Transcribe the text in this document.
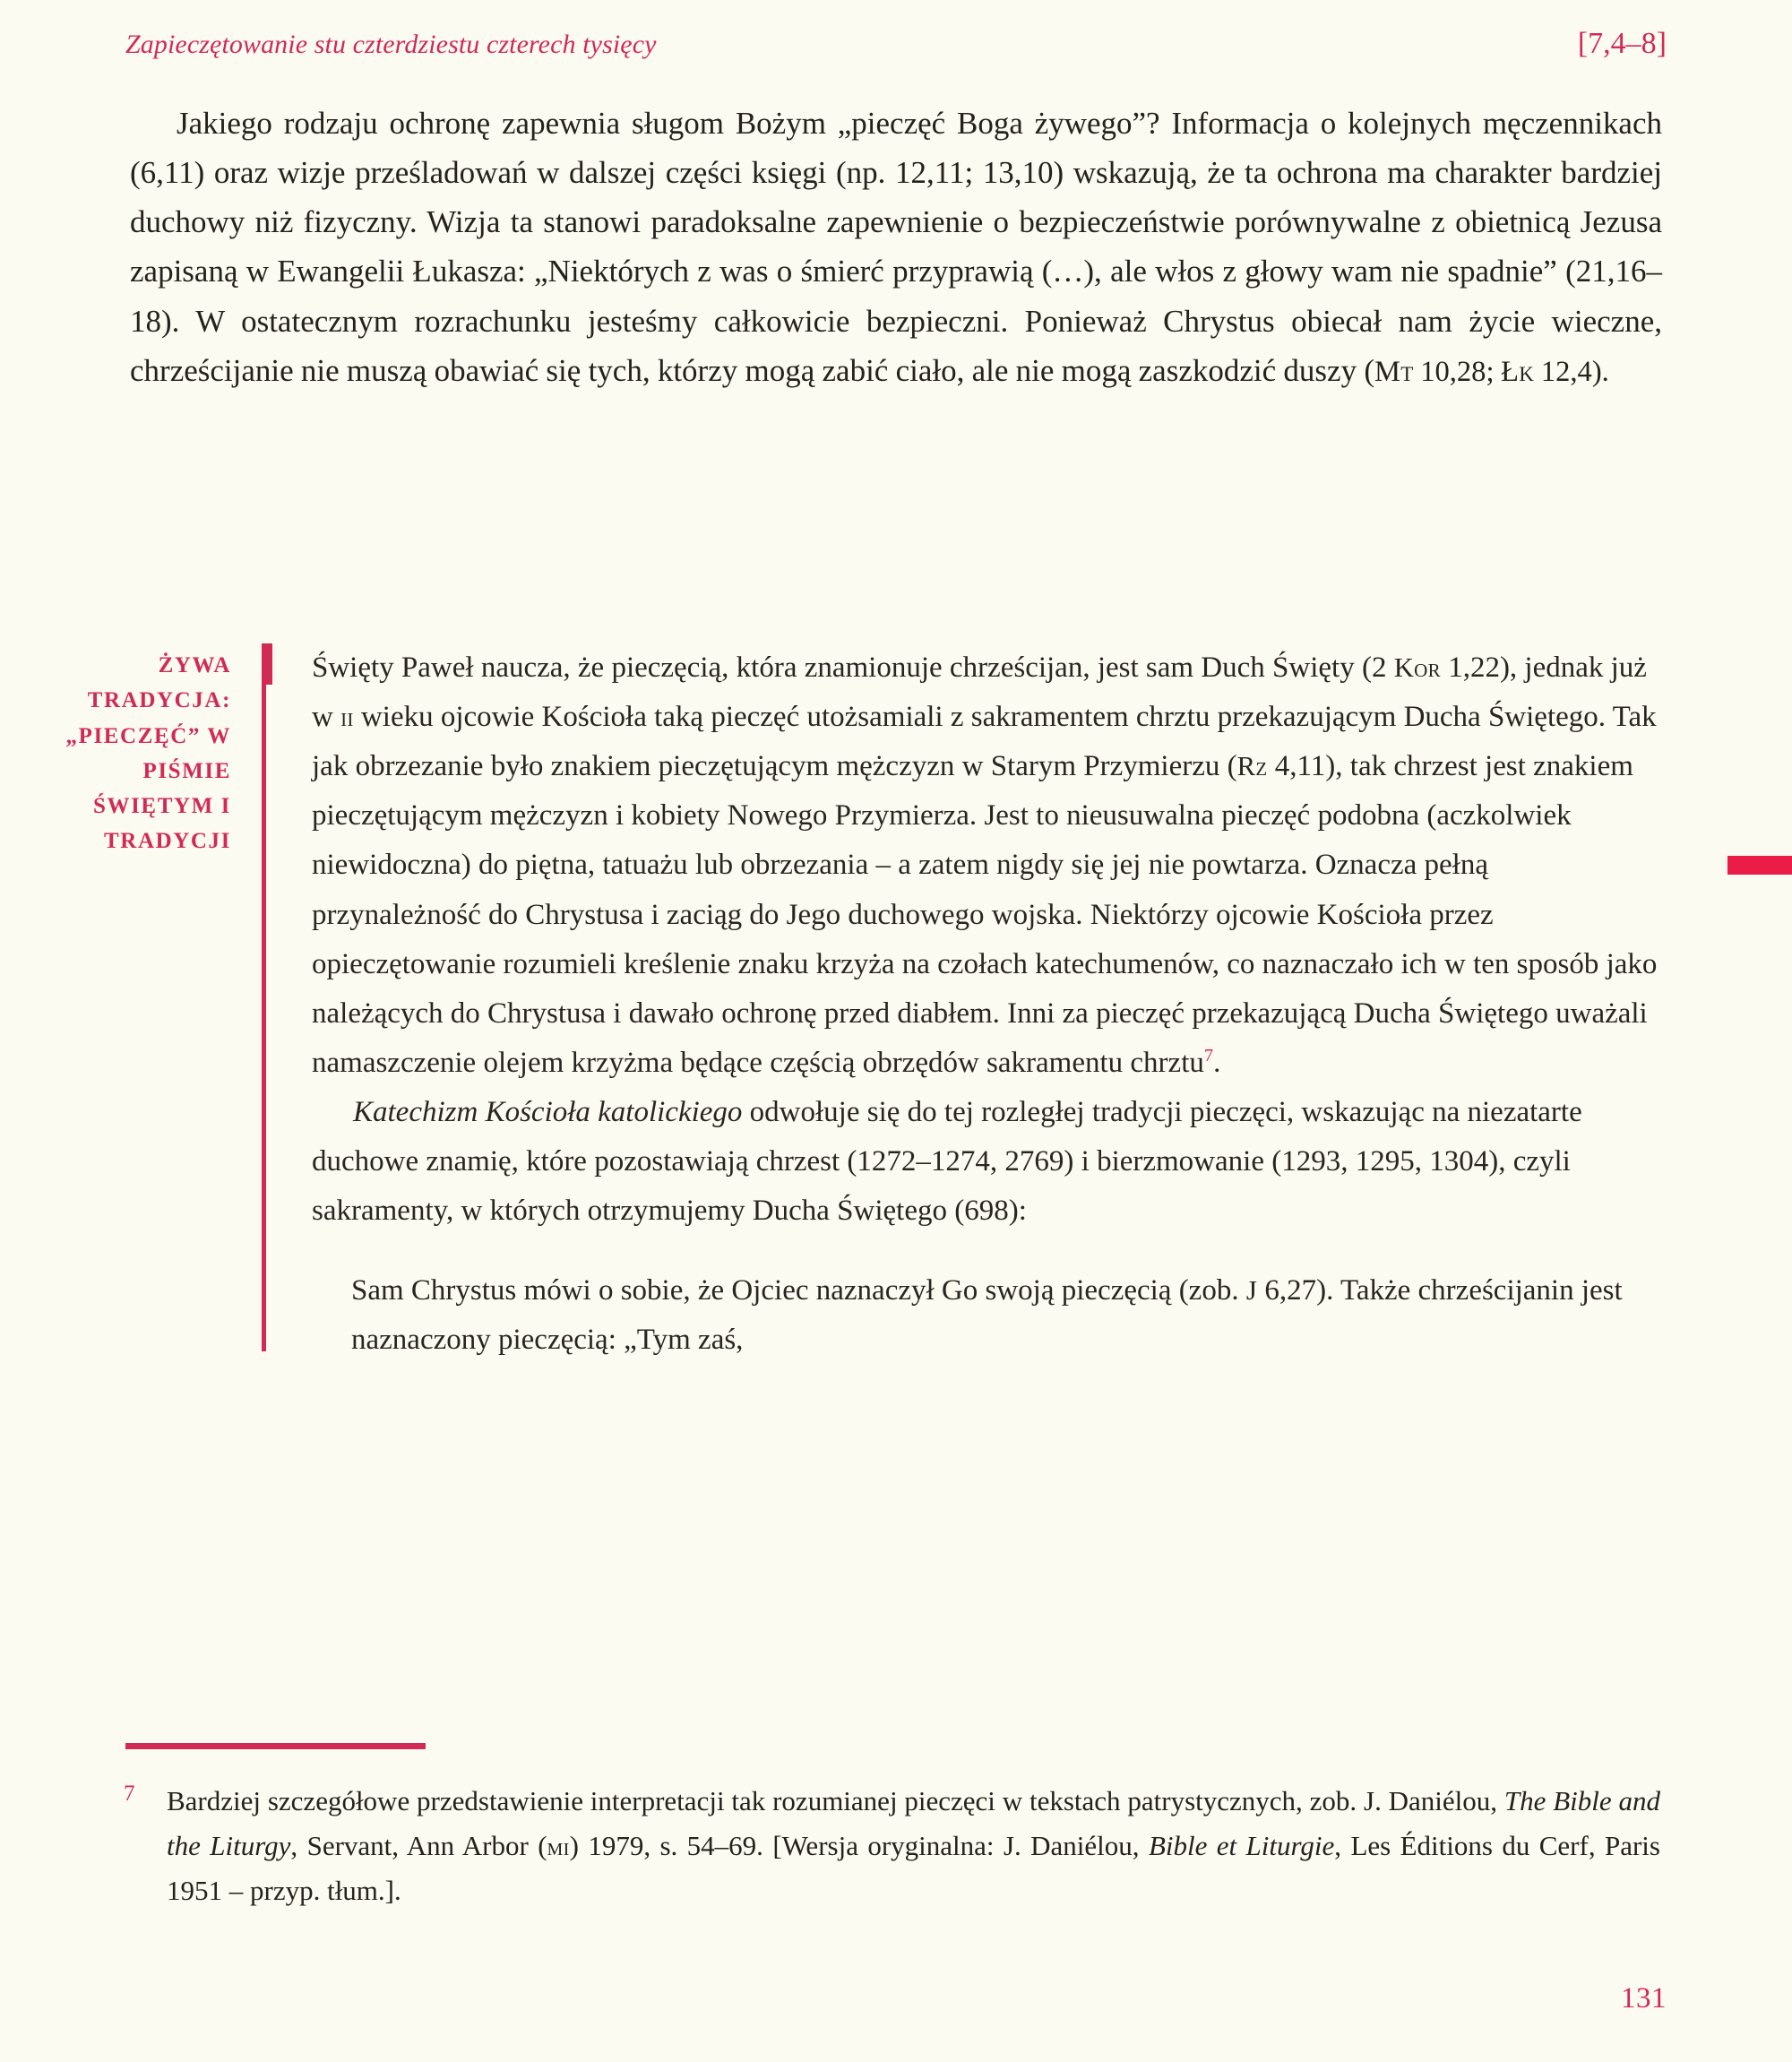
Zapieczętowanie stu czterdziestu czterech tysięcy	[7,4–8]

Jakiego rodzaju ochronę zapewnia sługom Bożym „pieczęć Boga żywego”? Informacja o kolejnych męczennikach (6,11) oraz wizje prześladowań w dalszej części księgi (np. 12,11; 13,10) wskazują, że ta ochrona ma charakter bardziej duchowy niż fizyczny. Wizja ta stanowi paradoksalne zapewnienie o bezpieczeństwie porównywalne z obietnicą Jezusa zapisaną w Ewangelii Łukasza: „Niektórych z was o śmierć przyprawią (…), ale włos z głowy wam nie spadnie” (21,16–18). W ostatecznym rozrachunku jesteśmy całkowicie bezpieczni. Ponieważ Chrystus obiecał nam życie wieczne, chrześcijanie nie muszą obawiać się tych, którzy mogą zabić ciało, ale nie mogą zaszkodzić duszy (Mt 10,28; Łk 12,4).

ŻYWA TRADYCJA: „PIECZĘĆ” W PIŚMIE ŚWIĘTYM I TRADYCJI

Święty Paweł naucza, że pieczęcią, która znamionuje chrześcijan, jest sam Duch Święty (2 Kor 1,22), jednak już w ii wieku ojcowie Kościoła taką pieczęć utożsamiali z sakramentem chrztu przekazującym Ducha Świętego. Tak jak obrzezanie było znakiem pieczętującym mężczyzn w Starym Przymierzu (Rz 4,11), tak chrzest jest znakiem pieczętującym mężczyzn i kobiety Nowego Przymierza. Jest to nieusuwalna pieczęć podobna (aczkolwiek niewidoczna) do piętna, tatuażu lub obrzezania – a zatem nigdy się jej nie powtarza. Oznacza pełną przynależność do Chrystusa i zaciąg do Jego duchowego wojska. Niektórzy ojcowie Kościoła przez opieczętowanie rozumieli kreślenie znaku krzyża na czołach katechumenów, co naznaczało ich w ten sposób jako należących do Chrystusa i dawało ochronę przed diabłem. Inni za pieczęć przekazującą Ducha Świętego uważali namaszczenie olejem krzyżma będące częścią obrzędów sakramentu chrztu$^7$.

Katechizm Kościoła katolickiego odwołuje się do tej rozległej tradycji pieczęci, wskazując na niezatarte duchowe znamię, które pozostawiają chrzest (1272–1274, 2769) i bierzmowanie (1293, 1295, 1304), czyli sakramenty, w których otrzymujemy Ducha Świętego (698):

Sam Chrystus mówi o sobie, że Ojciec naznaczył Go swoją pieczęcią (zob. J 6,27). Także chrześcijanin jest naznaczony pieczęcią: „Tym zaś,

7	Bardziej szczegółowe przedstawienie interpretacji tak rozumianej pieczęci w tekstach patrystycznych, zob. J. Daniélou, The Bible and the Liturgy, Servant, Ann Arbor (mi) 1979, s. 54–69. [Wersja oryginalna: J. Daniélou, Bible et Liturgie, Les Éditions du Cerf, Paris 1951 – przyp. tłum.].

131
